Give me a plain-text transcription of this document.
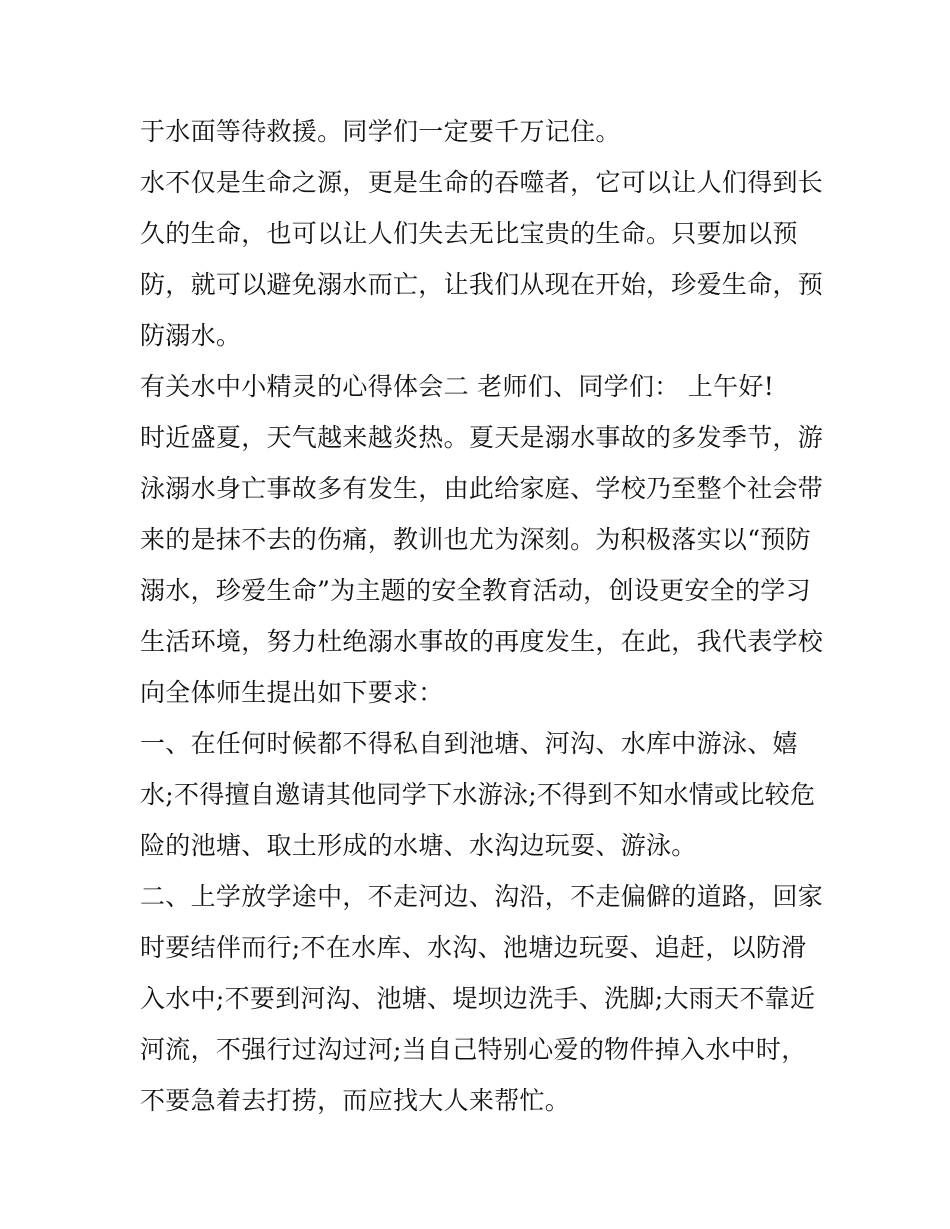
于水面等待救援。同学们一定要千万记住。
水不仅是生命之源，更是生命的吞噬者，它可以让人们得到长
久的生命，也可以让人们失去无比宝贵的生命。只要加以预
防，就可以避免溺水而亡，让我们从现在开始，珍爱生命，预
防溺水。
有关水中小精灵的心得体会二 老师们、同学们： 上午好!
时近盛夏，天气越来越炎热。夏天是溺水事故的多发季节，游
泳溺水身亡事故多有发生，由此给家庭、学校乃至整个社会带
来的是抹不去的伤痛，教训也尤为深刻。为积极落实以“预防
溺水，珍爱生命”为主题的安全教育活动，创设更安全的学习
生活环境，努力杜绝溺水事故的再度发生，在此，我代表学校
向全体师生提出如下要求：
一、在任何时候都不得私自到池塘、河沟、水库中游泳、嬉
水;不得擅自邀请其他同学下水游泳;不得到不知水情或比较危
险的池塘、取土形成的水塘、水沟边玩耍、游泳。
二、上学放学途中，不走河边、沟沿，不走偏僻的道路，回家
时要结伴而行;不在水库、水沟、池塘边玩耍、追赶，以防滑
入水中;不要到河沟、池塘、堤坝边洗手、洗脚;大雨天不靠近
河流，不强行过沟过河;当自己特别心爱的物件掉入水中时，
不要急着去打捞，而应找大人来帮忙。
